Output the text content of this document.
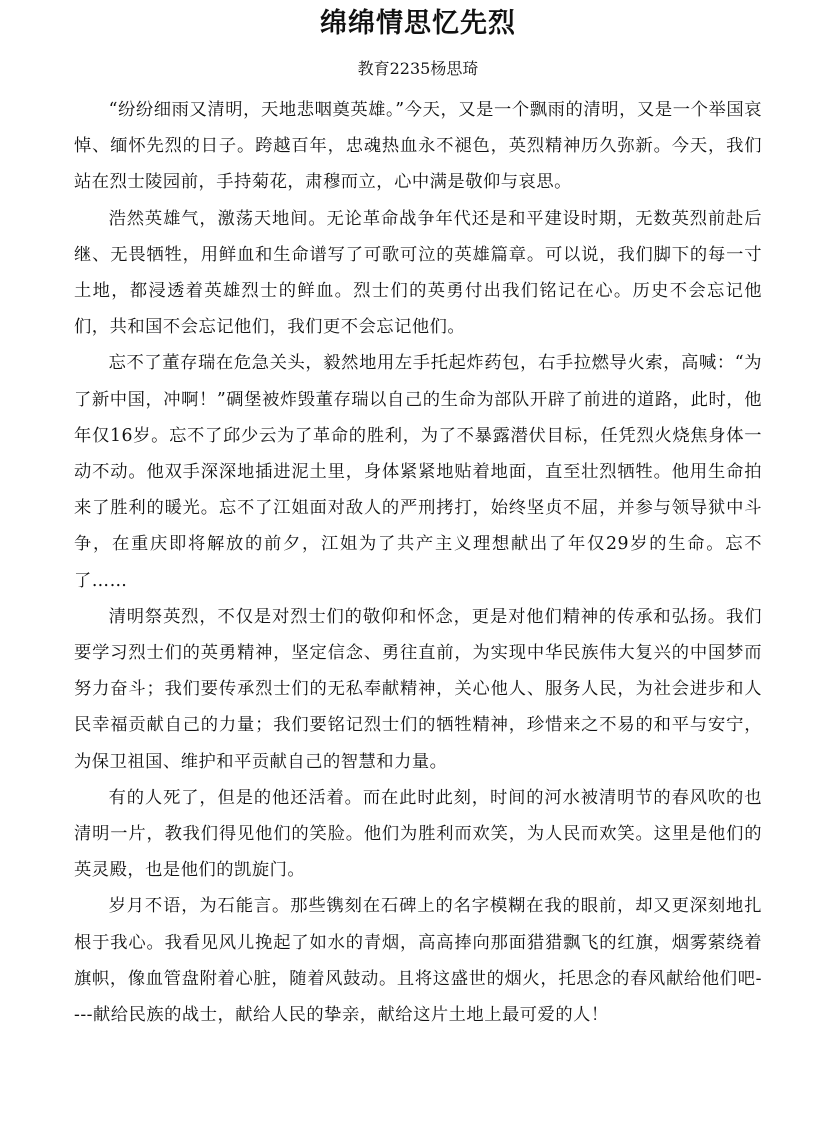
绵绵情思忆先烈
教育2235杨思琦

“纷纷细雨又清明，天地悲咽奠英雄。”今天，又是一个飘雨的清明，又是一个举国哀悼、缅怀先烈的日子。跨越百年，忠魂热血永不褪色，英烈精神历久弥新。今天，我们站在烈士陵园前，手持菊花，肃穆而立，心中满是敬仰与哀思。

浩然英雄气，激荡天地间。无论革命战争年代还是和平建设时期，无数英烈前赴后继、无畏牺牲，用鲜血和生命谱写了可歌可泣的英雄篇章。可以说，我们脚下的每一寸土地，都浸透着英雄烈士的鲜血。烈士们的英勇付出我们铭记在心。历史不会忘记他们，共和国不会忘记他们，我们更不会忘记他们。

忘不了董存瑞在危急关头，毅然地用左手托起炸药包，右手拉燃导火索，高喊：“为了新中国，冲啊！”碉堡被炸毁董存瑞以自己的生命为部队开辟了前进的道路，此时，他年仅16岁。忘不了邱少云为了革命的胜利，为了不暴露潜伏目标，任凭烈火烧焦身体一动不动。他双手深深地插进泥土里，身体紧紧地贴着地面，直至壮烈牺牲。他用生命拍来了胜利的暖光。忘不了江姐面对敌人的严刑拷打，始终坚贞不屈，并参与领导狱中斗争，在重庆即将解放的前夕，江姐为了共产主义理想献出了年仅29岁的生命。忘不了……

清明祭英烈，不仅是对烈士们的敬仰和怀念，更是对他们精神的传承和弘扬。我们要学习烈士们的英勇精神，坚定信念、勇往直前，为实现中华民族伟大复兴的中国梦而努力奋斗；我们要传承烈士们的无私奉献精神，关心他人、服务人民，为社会进步和人民幸福贡献自己的力量；我们要铭记烈士们的牺牲精神，珍惜来之不易的和平与安宁，为保卫祖国、维护和平贡献自己的智慧和力量。

有的人死了，但是的他还活着。而在此时此刻，时间的河水被清明节的春风吹的也清明一片，教我们得见他们的笑脸。他们为胜利而欢笑，为人民而欢笑。这里是他们的英灵殿，也是他们的凯旋门。

岁月不语，为石能言。那些镌刻在石碑上的名字模糊在我的眼前，却又更深刻地扎根于我心。我看见风儿挽起了如水的青烟，高高捧向那面猎猎飘飞的红旗，烟雾萦绕着旗帜，像血管盘附着心脏，随着风鼓动。且将这盛世的烟火，托思念的春风献给他们吧----献给民族的战士，献给人民的挚亲，献给这片土地上最可爱的人！
